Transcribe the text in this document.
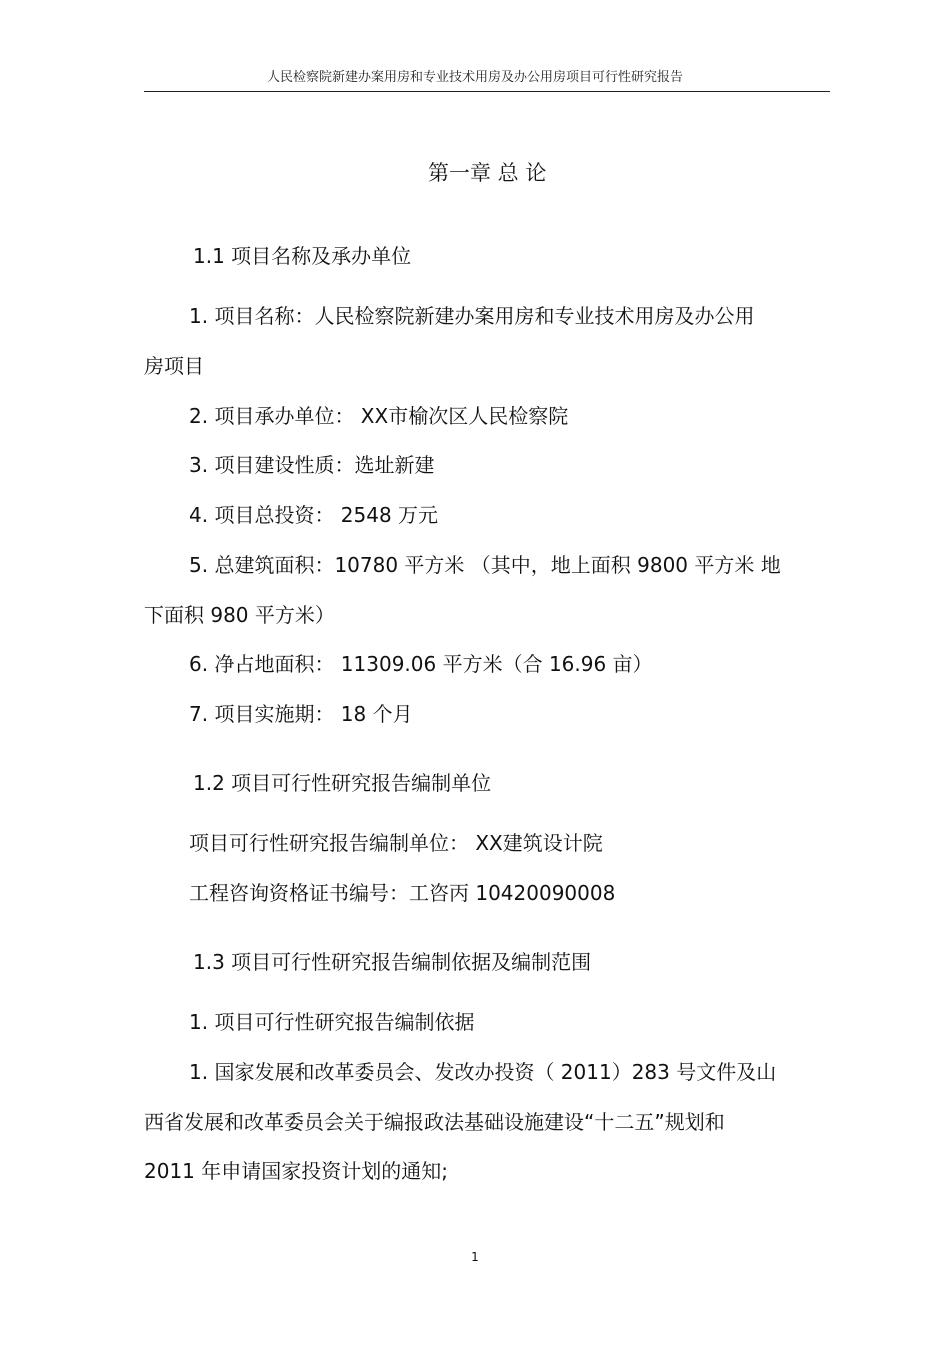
人民检察院新建办案用房和专业技术用房及办公用房项目可行性研究报告
第一章 总 论
1.1 项目名称及承办单位
1. 项目名称：人民检察院新建办案用房和专业技术用房及办公用
房项目
2. 项目承办单位： XX市榆次区人民检察院
3. 项目建设性质：选址新建
4. 项目总投资： 2548 万元
5. 总建筑面积：10780 平方米 （其中，地上面积 9800 平方米 地
下面积 980 平方米）
6. 净占地面积： 11309.06 平方米（合 16.96 亩）
7. 项目实施期： 18 个月
1.2 项目可行性研究报告编制单位
项目可行性研究报告编制单位： XX建筑设计院
工程咨询资格证书编号：工咨丙 10420090008
1.3 项目可行性研究报告编制依据及编制范围
1. 项目可行性研究报告编制依据
1. 国家发展和改革委员会、发改办投资（ 2011）283 号文件及山
西省发展和改革委员会关于编报政法基础设施建设“十二五”规划和
2011 年申请国家投资计划的通知;
1
